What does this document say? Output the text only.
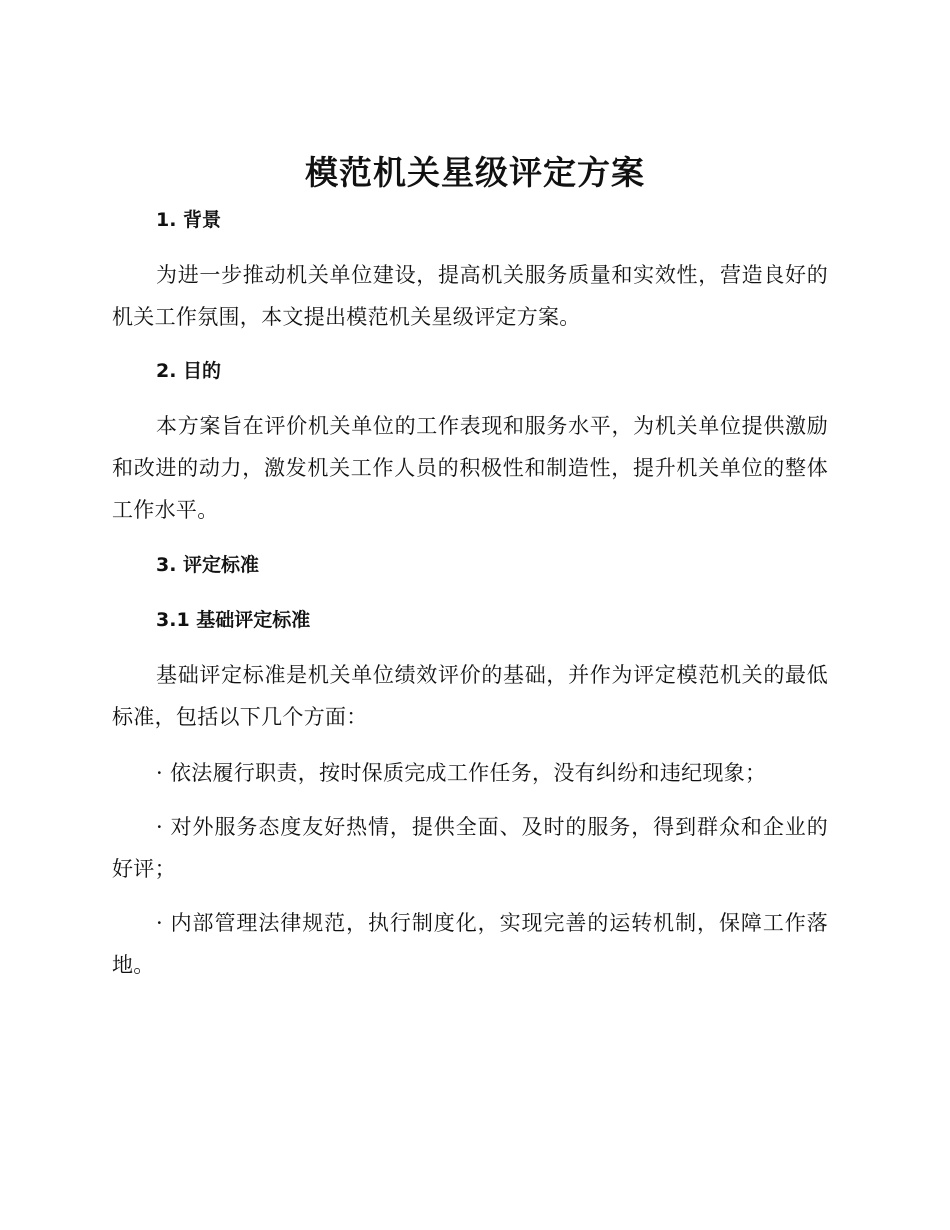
模范机关星级评定方案
1. 背景

为进一步推动机关单位建设，提高机关服务质量和实效性，营造良好的机关工作氛围，本文提出模范机关星级评定方案。

2. 目的

本方案旨在评价机关单位的工作表现和服务水平，为机关单位提供激励和改进的动力，激发机关工作人员的积极性和制造性，提升机关单位的整体工作水平。

3. 评定标准
3.1 基础评定标准

基础评定标准是机关单位绩效评价的基础，并作为评定模范机关的最低标准，包括以下几个方面：

· 依法履行职责，按时保质完成工作任务，没有纠纷和违纪现象；

· 对外服务态度友好热情，提供全面、及时的服务，得到群众和企业的好评；

· 内部管理法律规范，执行制度化，实现完善的运转机制，保障工作落地。
